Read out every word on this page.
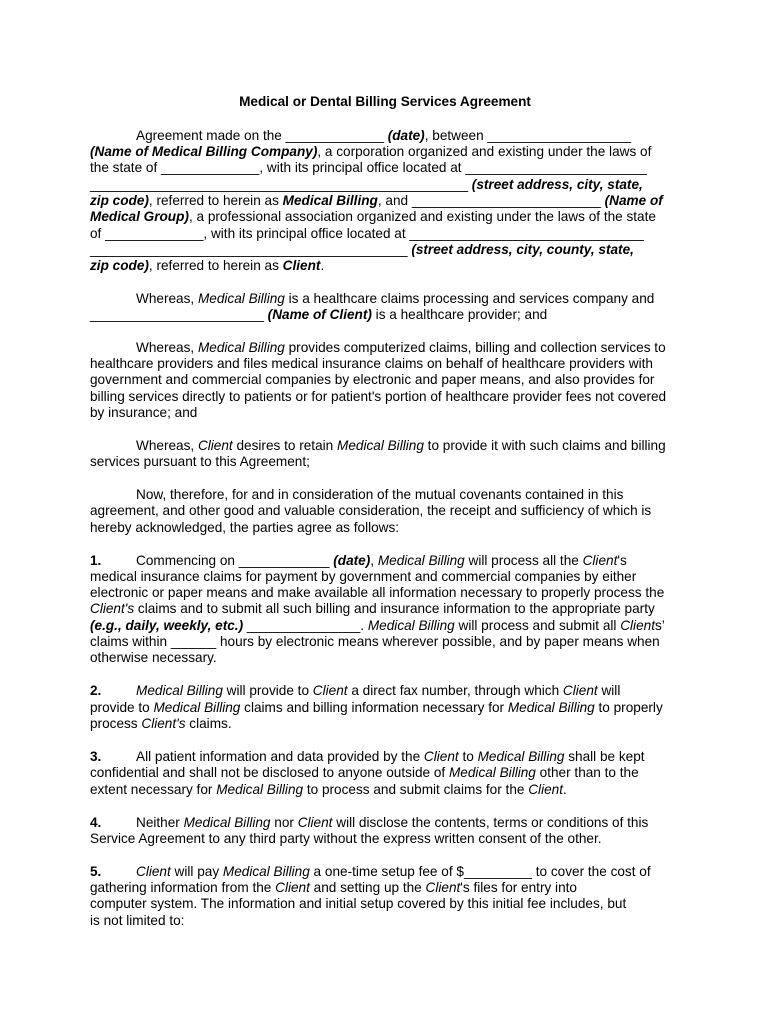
Medical or Dental Billing Services Agreement
Agreement made on the _____________ (date), between ___________________
(Name of Medical Billing Company), a corporation organized and existing under the laws of
the state of _____________, with its principal office located at ________________________
__________________________________________________ (street address, city, state,
zip code), referred to herein as Medical Billing, and _________________________ (Name of
Medical Group), a professional association organized and existing under the laws of the state
of _____________, with its principal office located at _______________________________
__________________________________________ (street address, city, county, state,
zip code), referred to herein as Client.
Whereas, Medical Billing is a healthcare claims processing and services company and
_______________________ (Name of Client) is a healthcare provider; and
Whereas, Medical Billing provides computerized claims, billing and collection services to
healthcare providers and files medical insurance claims on behalf of healthcare providers with
government and commercial companies by electronic and paper means, and also provides for
billing services directly to patients or for patient's portion of healthcare provider fees not covered
by insurance; and
Whereas, Client desires to retain Medical Billing to provide it with such claims and billing
services pursuant to this Agreement;
Now, therefore, for and in consideration of the mutual covenants contained in this
agreement, and other good and valuable consideration, the receipt and sufficiency of which is
hereby acknowledged, the parties agree as follows:
1.	Commencing on ____________ (date), Medical Billing will process all the Client's
medical insurance claims for payment by government and commercial companies by either
electronic or paper means and make available all information necessary to properly process the
Client's claims and to submit all such billing and insurance information to the appropriate party
(e.g., daily, weekly, etc.) _______________. Medical Billing will process and submit all Clients’
claims within ______ hours by electronic means wherever possible, and by paper means when
otherwise necessary.
2.	Medical Billing will provide to Client a direct fax number, through which Client will
provide to Medical Billing claims and billing information necessary for Medical Billing to properly
process Client's claims.
3.	All patient information and data provided by the Client to Medical Billing shall be kept
confidential and shall not be disclosed to anyone outside of Medical Billing other than to the
extent necessary for Medical Billing to process and submit claims for the Client.
4.	Neither Medical Billing nor Client will disclose the contents, terms or conditions of this
Service Agreement to any third party without the express written consent of the other.
5.	Client will pay Medical Billing a one-time setup fee of $_________ to cover the cost of
gathering information from the Client and setting up the Client's files for entry into
computer system. The information and initial setup covered by this initial fee includes, but
is not limited to:
